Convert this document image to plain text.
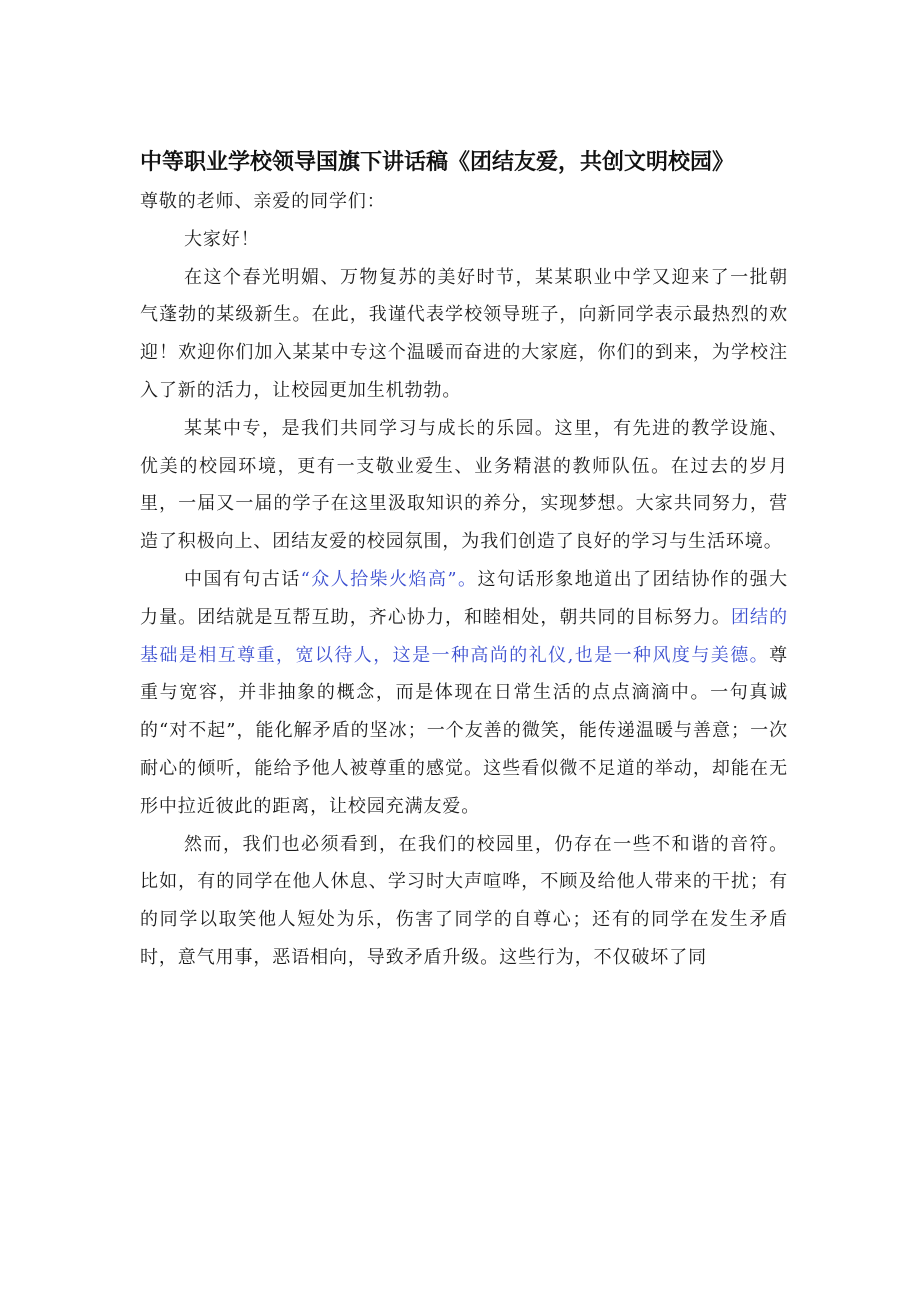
中等职业学校领导国旗下讲话稿《团结友爱，共创文明校园》

尊敬的老师、亲爱的同学们：

大家好！

在这个春光明媚、万物复苏的美好时节，某某职业中学又迎来了一批朝气蓬勃的某级新生。在此，我谨代表学校领导班子，向新同学表示最热烈的欢迎！欢迎你们加入某某中专这个温暖而奋进的大家庭，你们的到来，为学校注入了新的活力，让校园更加生机勃勃。

某某中专，是我们共同学习与成长的乐园。这里，有先进的教学设施、优美的校园环境，更有一支敬业爱生、业务精湛的教师队伍。在过去的岁月里，一届又一届的学子在这里汲取知识的养分，实现梦想。大家共同努力，营造了积极向上、团结友爱的校园氛围，为我们创造了良好的学习与生活环境。

中国有句古话“众人拾柴火焰高”。这句话形象地道出了团结协作的强大力量。团结就是互帮互助，齐心协力，和睦相处，朝共同的目标努力。团结的基础是相互尊重，宽以待人，这是一种高尚的礼仪,也是一种风度与美德。尊重与宽容，并非抽象的概念，而是体现在日常生活的点点滴滴中。一句真诚的“对不起”，能化解矛盾的坚冰；一个友善的微笑，能传递温暖与善意；一次耐心的倾听，能给予他人被尊重的感觉。这些看似微不足道的举动，却能在无形中拉近彼此的距离，让校园充满友爱。

然而，我们也必须看到，在我们的校园里，仍存在一些不和谐的音符。比如，有的同学在他人休息、学习时大声喧哗，不顾及给他人带来的干扰；有的同学以取笑他人短处为乐，伤害了同学的自尊心；还有的同学在发生矛盾时，意气用事，恶语相向，导致矛盾升级。这些行为，不仅破坏了同
